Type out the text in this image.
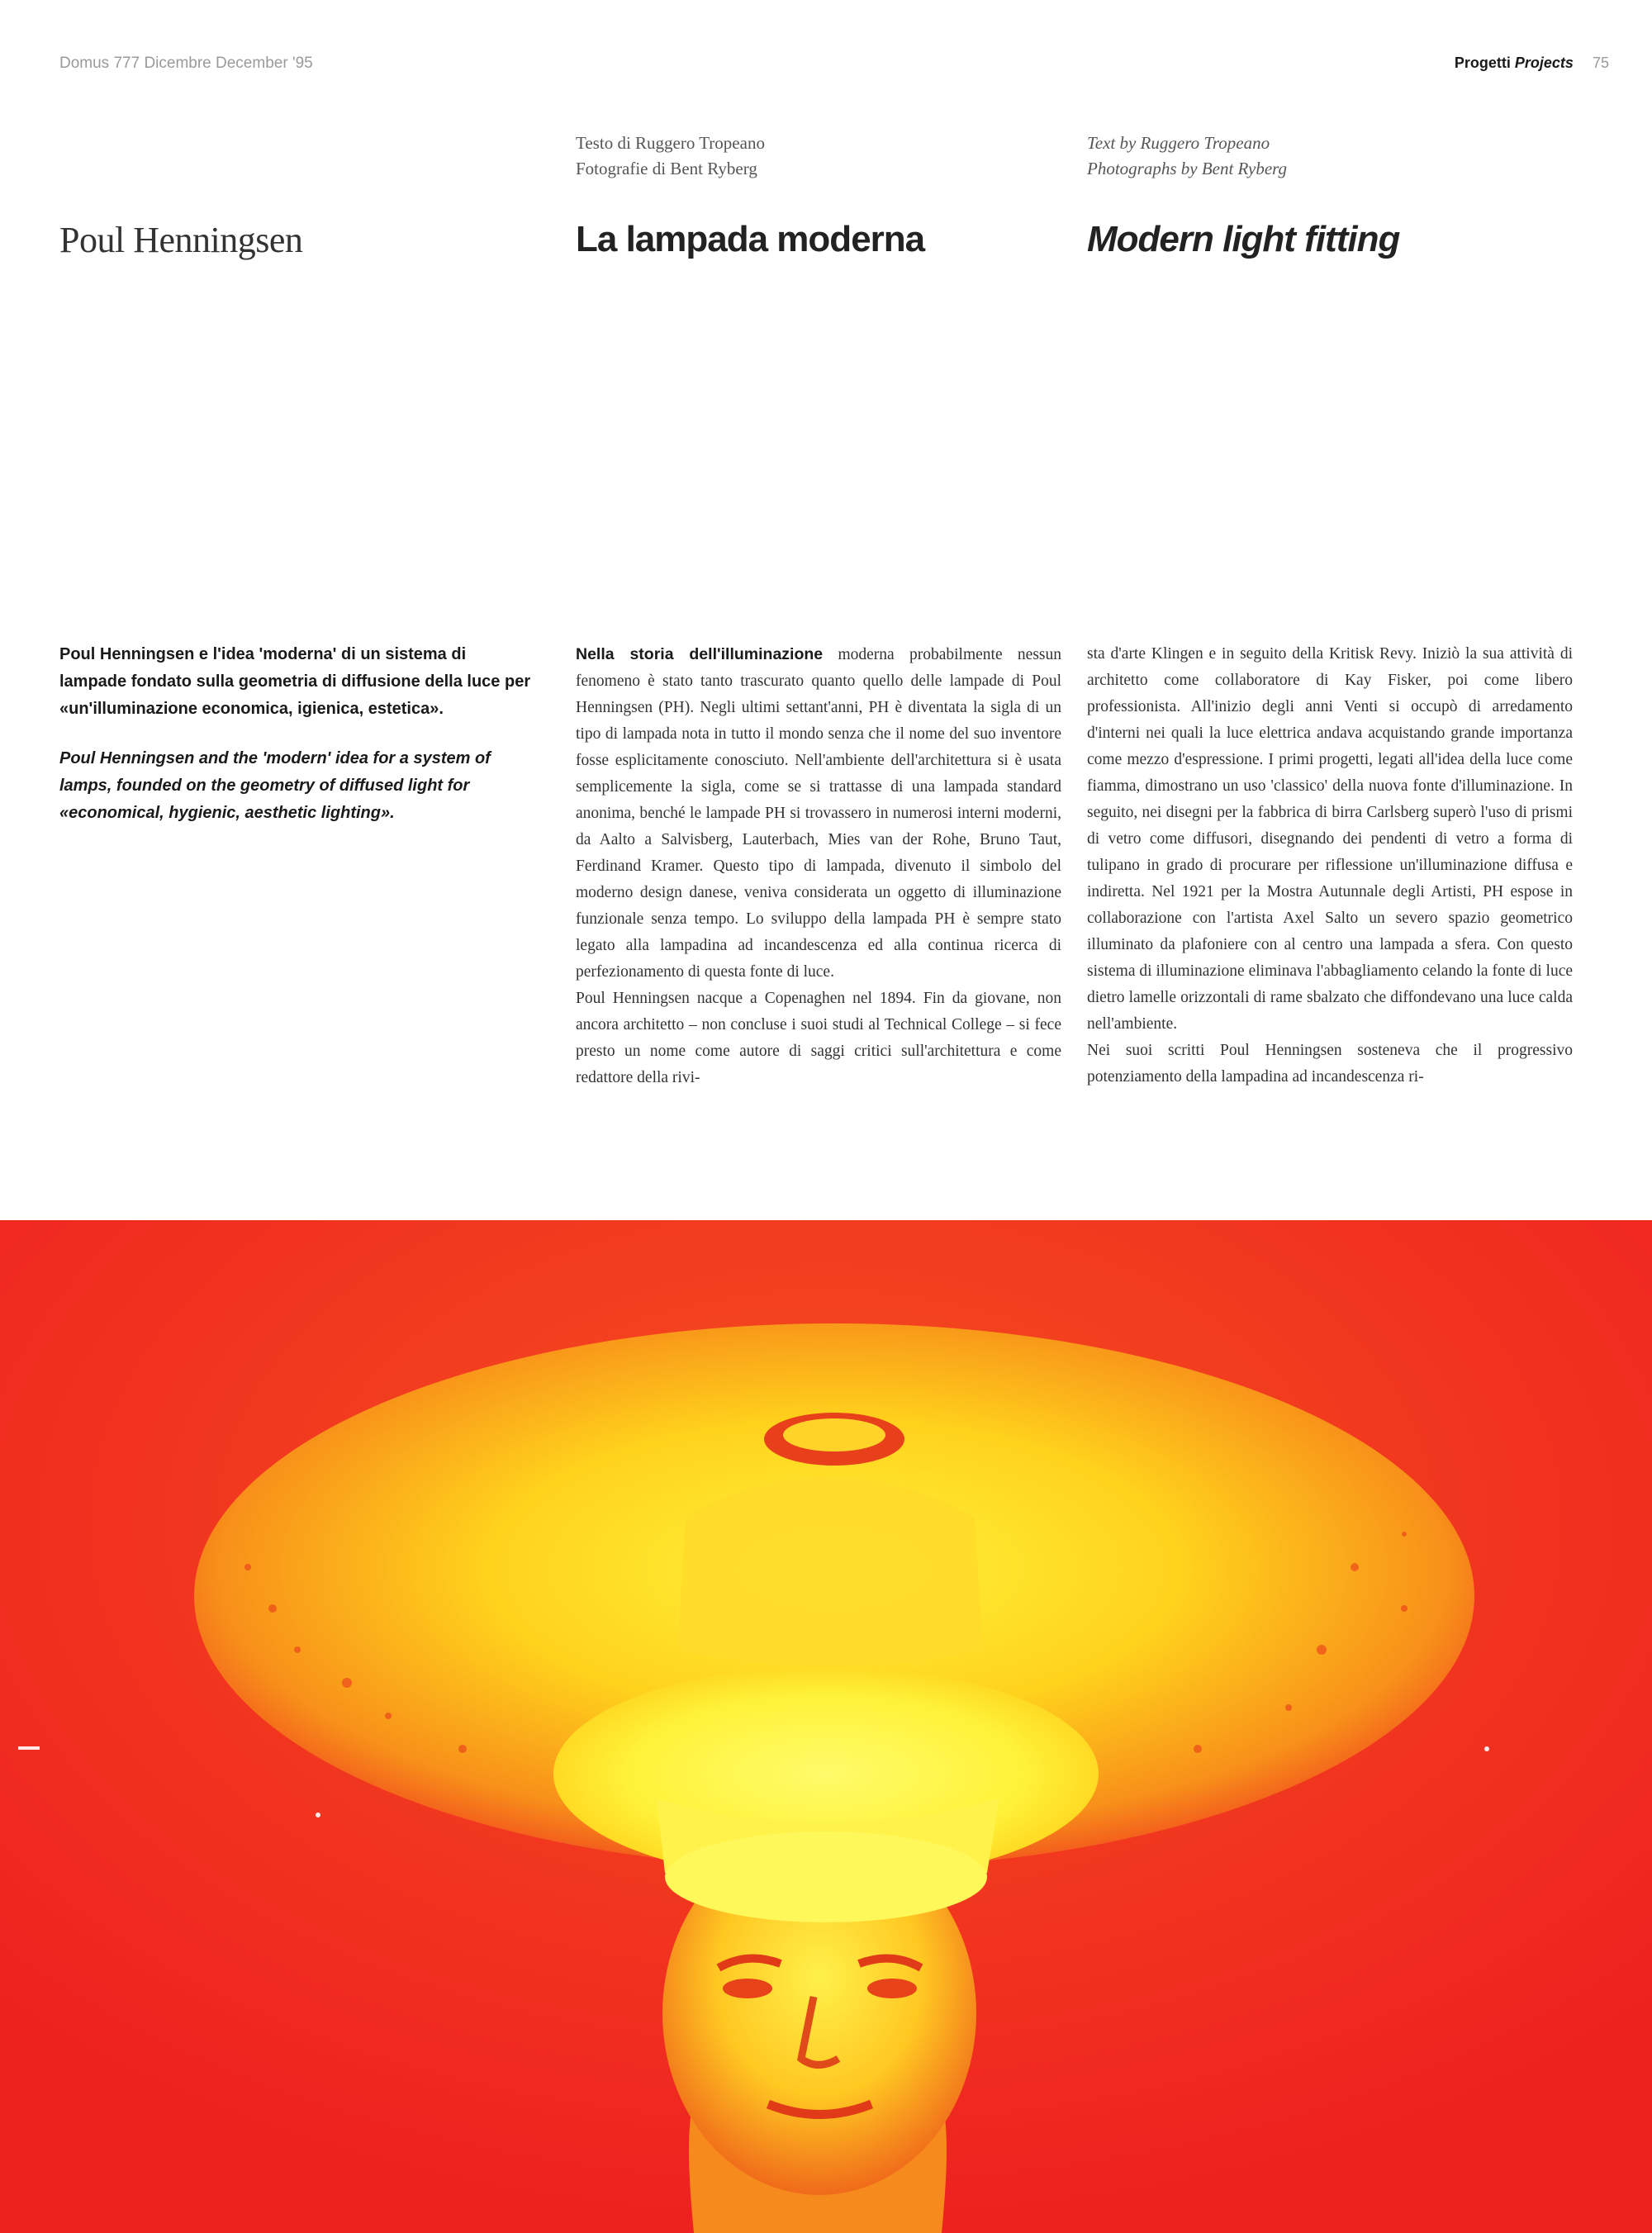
Domus 777 Dicembre December '95	Progetti Projects 75
Testo di Ruggero Tropeano
Fotografie di Bent Ryberg
Text by Ruggero Tropeano
Photographs by Bent Ryberg
Poul Henningsen	La lampada moderna	Modern light fitting

Poul Henningsen e l'idea 'moderna' di un sistema di lampade fondato sulla geometria di diffusione della luce per «un'illuminazione economica, igienica, estetica».

Poul Henningsen and the 'modern' idea for a system of lamps, founded on the geometry of diffused light for «economical, hygienic, aesthetic lighting».

Nella storia dell'illuminazione moderna probabilmente nessun fenomeno è stato tanto trascurato quanto quello delle lampade di Poul Henningsen (PH). Negli ultimi settant'anni, PH è diventata la sigla di un tipo di lampada nota in tutto il mondo senza che il nome del suo inventore fosse esplicitamente conosciuto. Nell'ambiente dell'architettura si è usata semplicemente la sigla, come se si trattasse di una lampada standard anonima, benché le lampade PH si trovassero in numerosi interni moderni, da Aalto a Salvisberg, Lauterbach, Mies van der Rohe, Bruno Taut, Ferdinand Kramer. Questo tipo di lampada, divenuto il simbolo del moderno design danese, veniva considerata un oggetto di illuminazione funzionale senza tempo. Lo sviluppo della lampada PH è sempre stato legato alla lampadina ad incandescenza ed alla continua ricerca di perfezionamento di questa fonte di luce.

Poul Henningsen nacque a Copenaghen nel 1894. Fin da giovane, non ancora architetto – non concluse i suoi studi al Technical College – si fece presto un nome come autore di saggi critici sull'architettura e come redattore della rivi-

sta d'arte Klingen e in seguito della Kritisk Revy. Iniziò la sua attività di architetto come collaboratore di Kay Fisker, poi come libero professionista. All'inizio degli anni Venti si occupò di arredamento d'interni nei quali la luce elettrica andava acquistando grande importanza come mezzo d'espressione. I primi progetti, legati all'idea della luce come fiamma, dimostrano un uso 'classico' della nuova fonte d'illuminazione. In seguito, nei disegni per la fabbrica di birra Carlsberg superò l'uso di prismi di vetro come diffusori, disegnando dei pendenti di vetro a forma di tulipano in grado di procurare per riflessione un'illuminazione diffusa e indiretta. Nel 1921 per la Mostra Autunnale degli Artisti, PH espose in collaborazione con l'artista Axel Salto un severo spazio geometrico illuminato da plafoniere con al centro una lampada a sfera. Con questo sistema di illuminazione eliminava l'abbagliamento celando la fonte di luce dietro lamelle orizzontali di rame sbalzato che diffondevano una luce calda nell'ambiente.

Nei suoi scritti Poul Henningsen sosteneva che il progressivo potenziamento della lampadina ad incandescenza ri-
